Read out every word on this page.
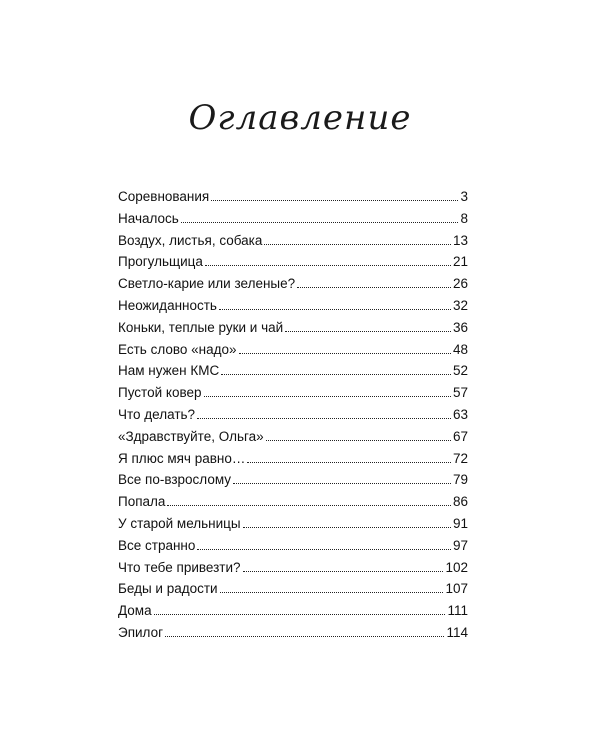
Оглавление
Соревнования	3
Началось	8
Воздух, листья, собака	13
Прогульщица	21
Светло-карие или зеленые?	26
Неожиданность	32
Коньки, теплые руки и чай	36
Есть слово «надо»	48
Нам нужен КМС	52
Пустой ковер	57
Что делать?	63
«Здравствуйте, Ольга»	67
Я плюс мяч равно…	72
Все по-взрослому	79
Попала	86
У старой мельницы	91
Все странно	97
Что тебе привезти?	102
Беды и радости	107
Дома	111
Эпилог	114
